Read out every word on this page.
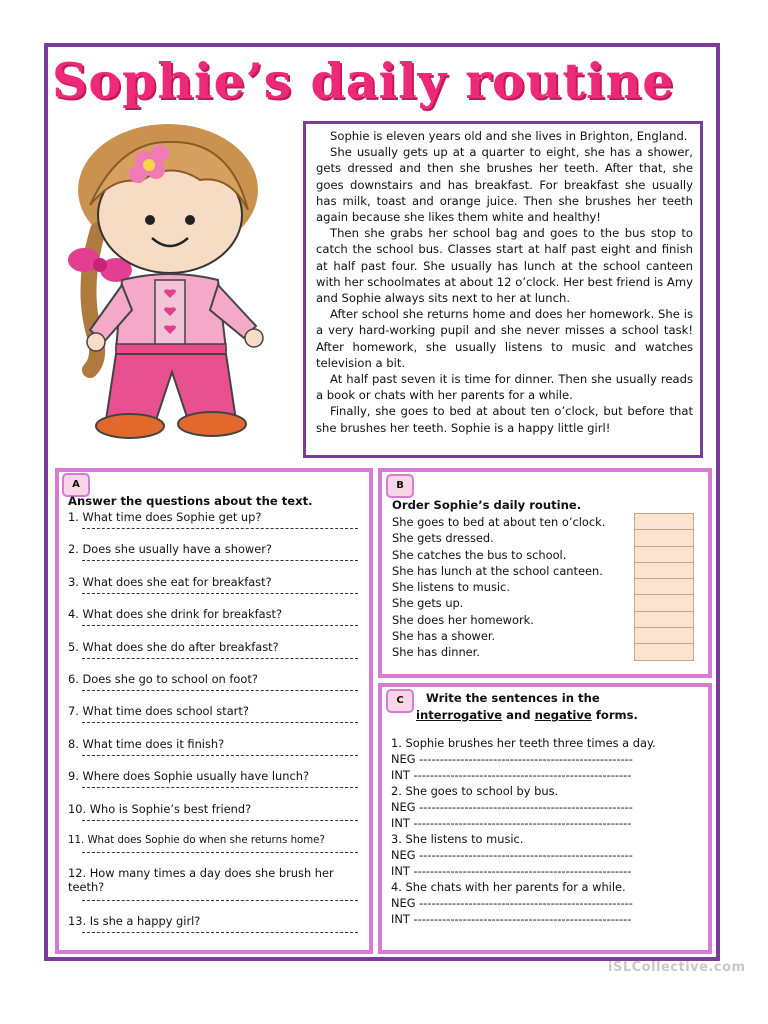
Sophie’s daily routine

Sophie is eleven years old and she lives in Brighton, England.

She usually gets up at a quarter to eight, she has a shower, gets dressed and then she brushes her teeth. After that, she goes downstairs and has breakfast. For breakfast she usually has milk, toast and orange juice. Then she brushes her teeth again because she likes them white and healthy!

Then she grabs her school bag and goes to the bus stop to catch the school bus. Classes start at half past eight and finish at half past four. She usually has lunch at the school canteen with her schoolmates at about 12 o’clock. Her best friend is Amy and Sophie always sits next to her at lunch.

After school she returns home and does her homework. She is a very hard-working pupil and she never misses a school task! After homework, she usually listens to music and watches television a bit.

At half past seven it is time for dinner. Then she usually reads a book or chats with her parents for a while.

Finally, she goes to bed at about ten o’clock, but before that she brushes her teeth. Sophie is a happy little girl!

A
Answer the questions about the text.
1. What time does Sophie get up?
2. Does she usually have a shower?
3. What does she eat for breakfast?
4. What does she drink for breakfast?
5. What does she do after breakfast?
6. Does she go to school on foot?
7. What time does school start?
8. What time does it finish?
9. Where does Sophie usually have lunch?
10. Who is Sophie’s best friend?
11. What does Sophie do when she returns home?
12. How many times a day does she brush her teeth?
13. Is she a happy girl?
B
Order Sophie’s daily routine.
She goes to bed at about ten o’clock.
She gets dressed.
She catches the bus to school.
She has lunch at the school canteen.
She listens to music.
She gets up.
She does her homework.
She has a shower.
She has dinner.
C	Write the sentences in the
interrogative and negative forms.
1. Sophie brushes her teeth three times a day.
NEG ----------------------------------------------------
INT -----------------------------------------------------
2. She goes to school by bus.
NEG ----------------------------------------------------
INT -----------------------------------------------------
3. She listens to music.
NEG ----------------------------------------------------
INT -----------------------------------------------------
4. She chats with her parents for a while.
NEG ----------------------------------------------------
INT -----------------------------------------------------
iSLCollective.com
